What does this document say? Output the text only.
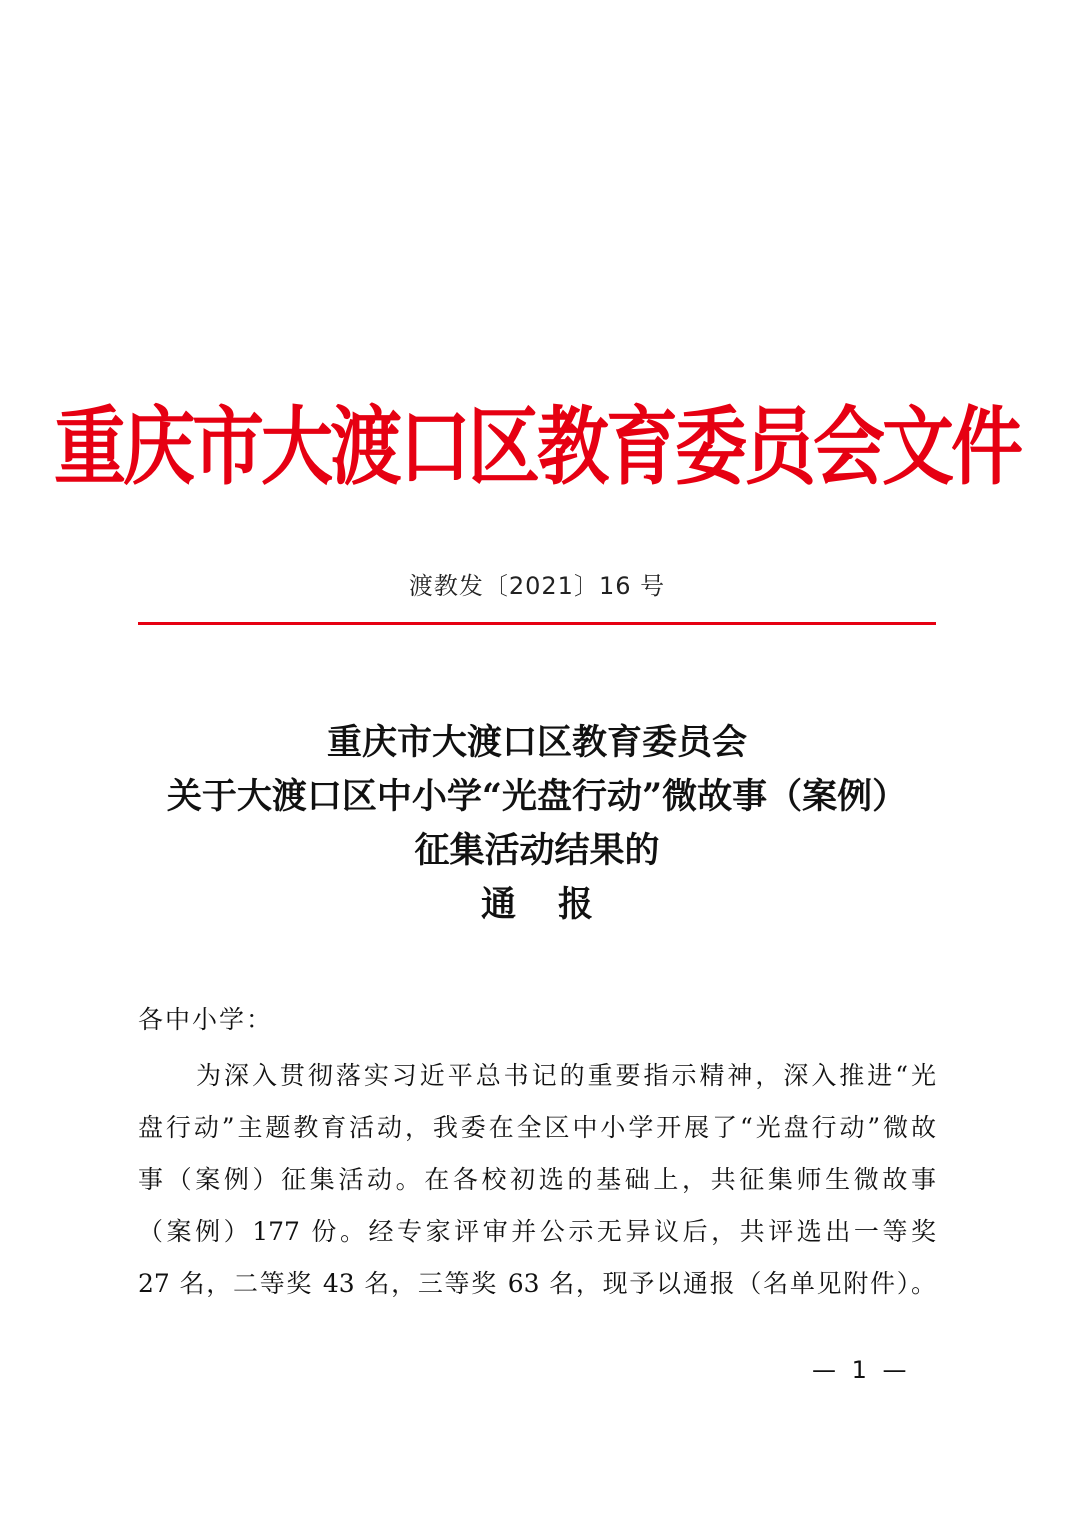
重庆市大渡口区教育委员会文件
渡教发〔2021〕16 号
重庆市大渡口区教育委员会
关于大渡口区中小学“光盘行动”微故事（案例）
征集活动结果的
通报
各中小学：
为深入贯彻落实习近平总书记的重要指示精神，深入推进“光
盘行动”主题教育活动，我委在全区中小学开展了“光盘行动”微故
事（案例）征集活动。在各校初选的基础上，共征集师生微故事
（案例）177 份。经专家评审并公示无异议后，共评选出一等奖
27 名，二等奖 43 名，三等奖 63 名，现予以通报（名单见附件）。
— 1 —
